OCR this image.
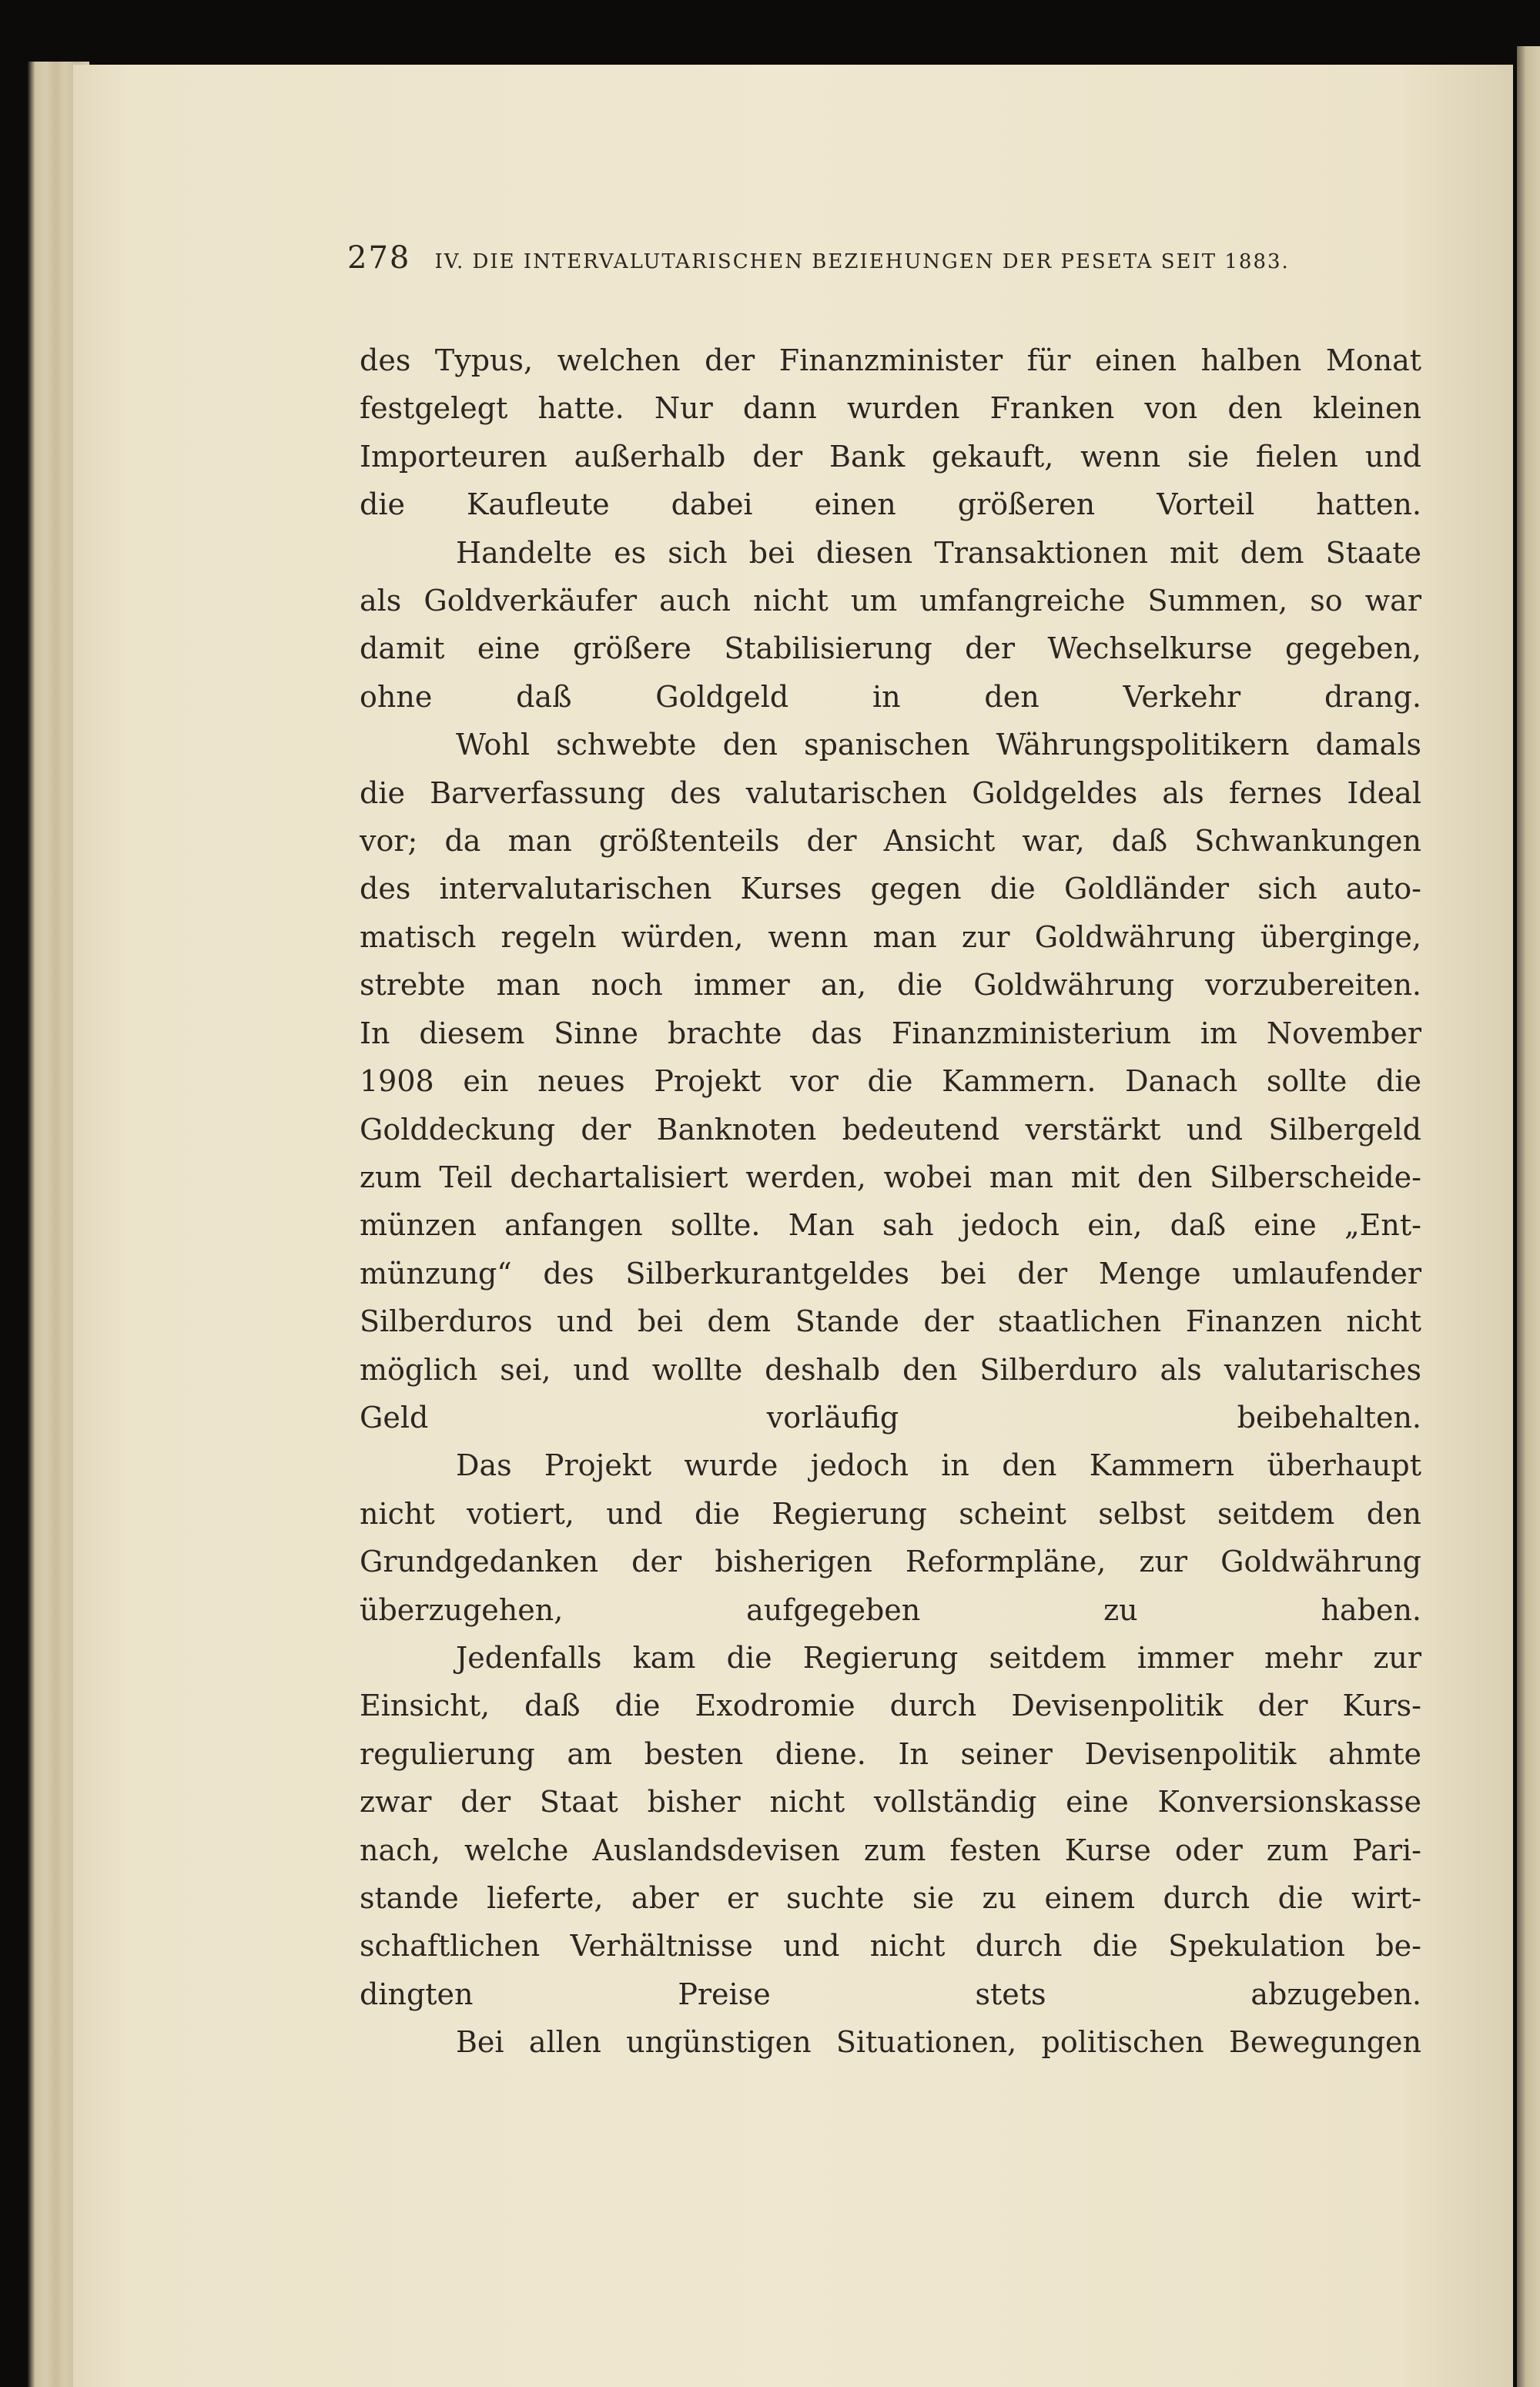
278 IV. DIE INTERVALUTARISCHEN BEZIEHUNGEN DER PESETA SEIT 1883.

des Typus, welchen der Finanzminister für einen halben Monat
festgelegt hatte. Nur dann wurden Franken von den kleinen
Importeuren außerhalb der Bank gekauft, wenn sie fielen und
die Kaufleute dabei einen größeren Vorteil hatten.

Handelte es sich bei diesen Transaktionen mit dem Staate
als Goldverkäufer auch nicht um umfangreiche Summen, so war
damit eine größere Stabilisierung der Wechselkurse gegeben,
ohne daß Goldgeld in den Verkehr drang.

Wohl schwebte den spanischen Währungspolitikern damals
die Barverfassung des valutarischen Goldgeldes als fernes Ideal
vor; da man größtenteils der Ansicht war, daß Schwankungen
des intervalutarischen Kurses gegen die Goldländer sich auto-
matisch regeln würden, wenn man zur Goldwährung überginge,
strebte man noch immer an, die Goldwährung vorzubereiten.
In diesem Sinne brachte das Finanzministerium im November
1908 ein neues Projekt vor die Kammern. Danach sollte die
Golddeckung der Banknoten bedeutend verstärkt und Silbergeld
zum Teil dechartalisiert werden, wobei man mit den Silberscheide-
münzen anfangen sollte. Man sah jedoch ein, daß eine „Ent-
münzung“ des Silberkurantgeldes bei der Menge umlaufender
Silberduros und bei dem Stande der staatlichen Finanzen nicht
möglich sei, und wollte deshalb den Silberduro als valutarisches
Geld vorläufig beibehalten.

Das Projekt wurde jedoch in den Kammern überhaupt
nicht votiert, und die Regierung scheint selbst seitdem den
Grundgedanken der bisherigen Reformpläne, zur Goldwährung
überzugehen, aufgegeben zu haben.

Jedenfalls kam die Regierung seitdem immer mehr zur
Einsicht, daß die Exodromie durch Devisenpolitik der Kurs-
regulierung am besten diene. In seiner Devisenpolitik ahmte
zwar der Staat bisher nicht vollständig eine Konversionskasse
nach, welche Auslandsdevisen zum festen Kurse oder zum Pari-
stande lieferte, aber er suchte sie zu einem durch die wirt-
schaftlichen Verhältnisse und nicht durch die Spekulation be-
dingten Preise stets abzugeben.

Bei allen ungünstigen Situationen, politischen Bewegungen
